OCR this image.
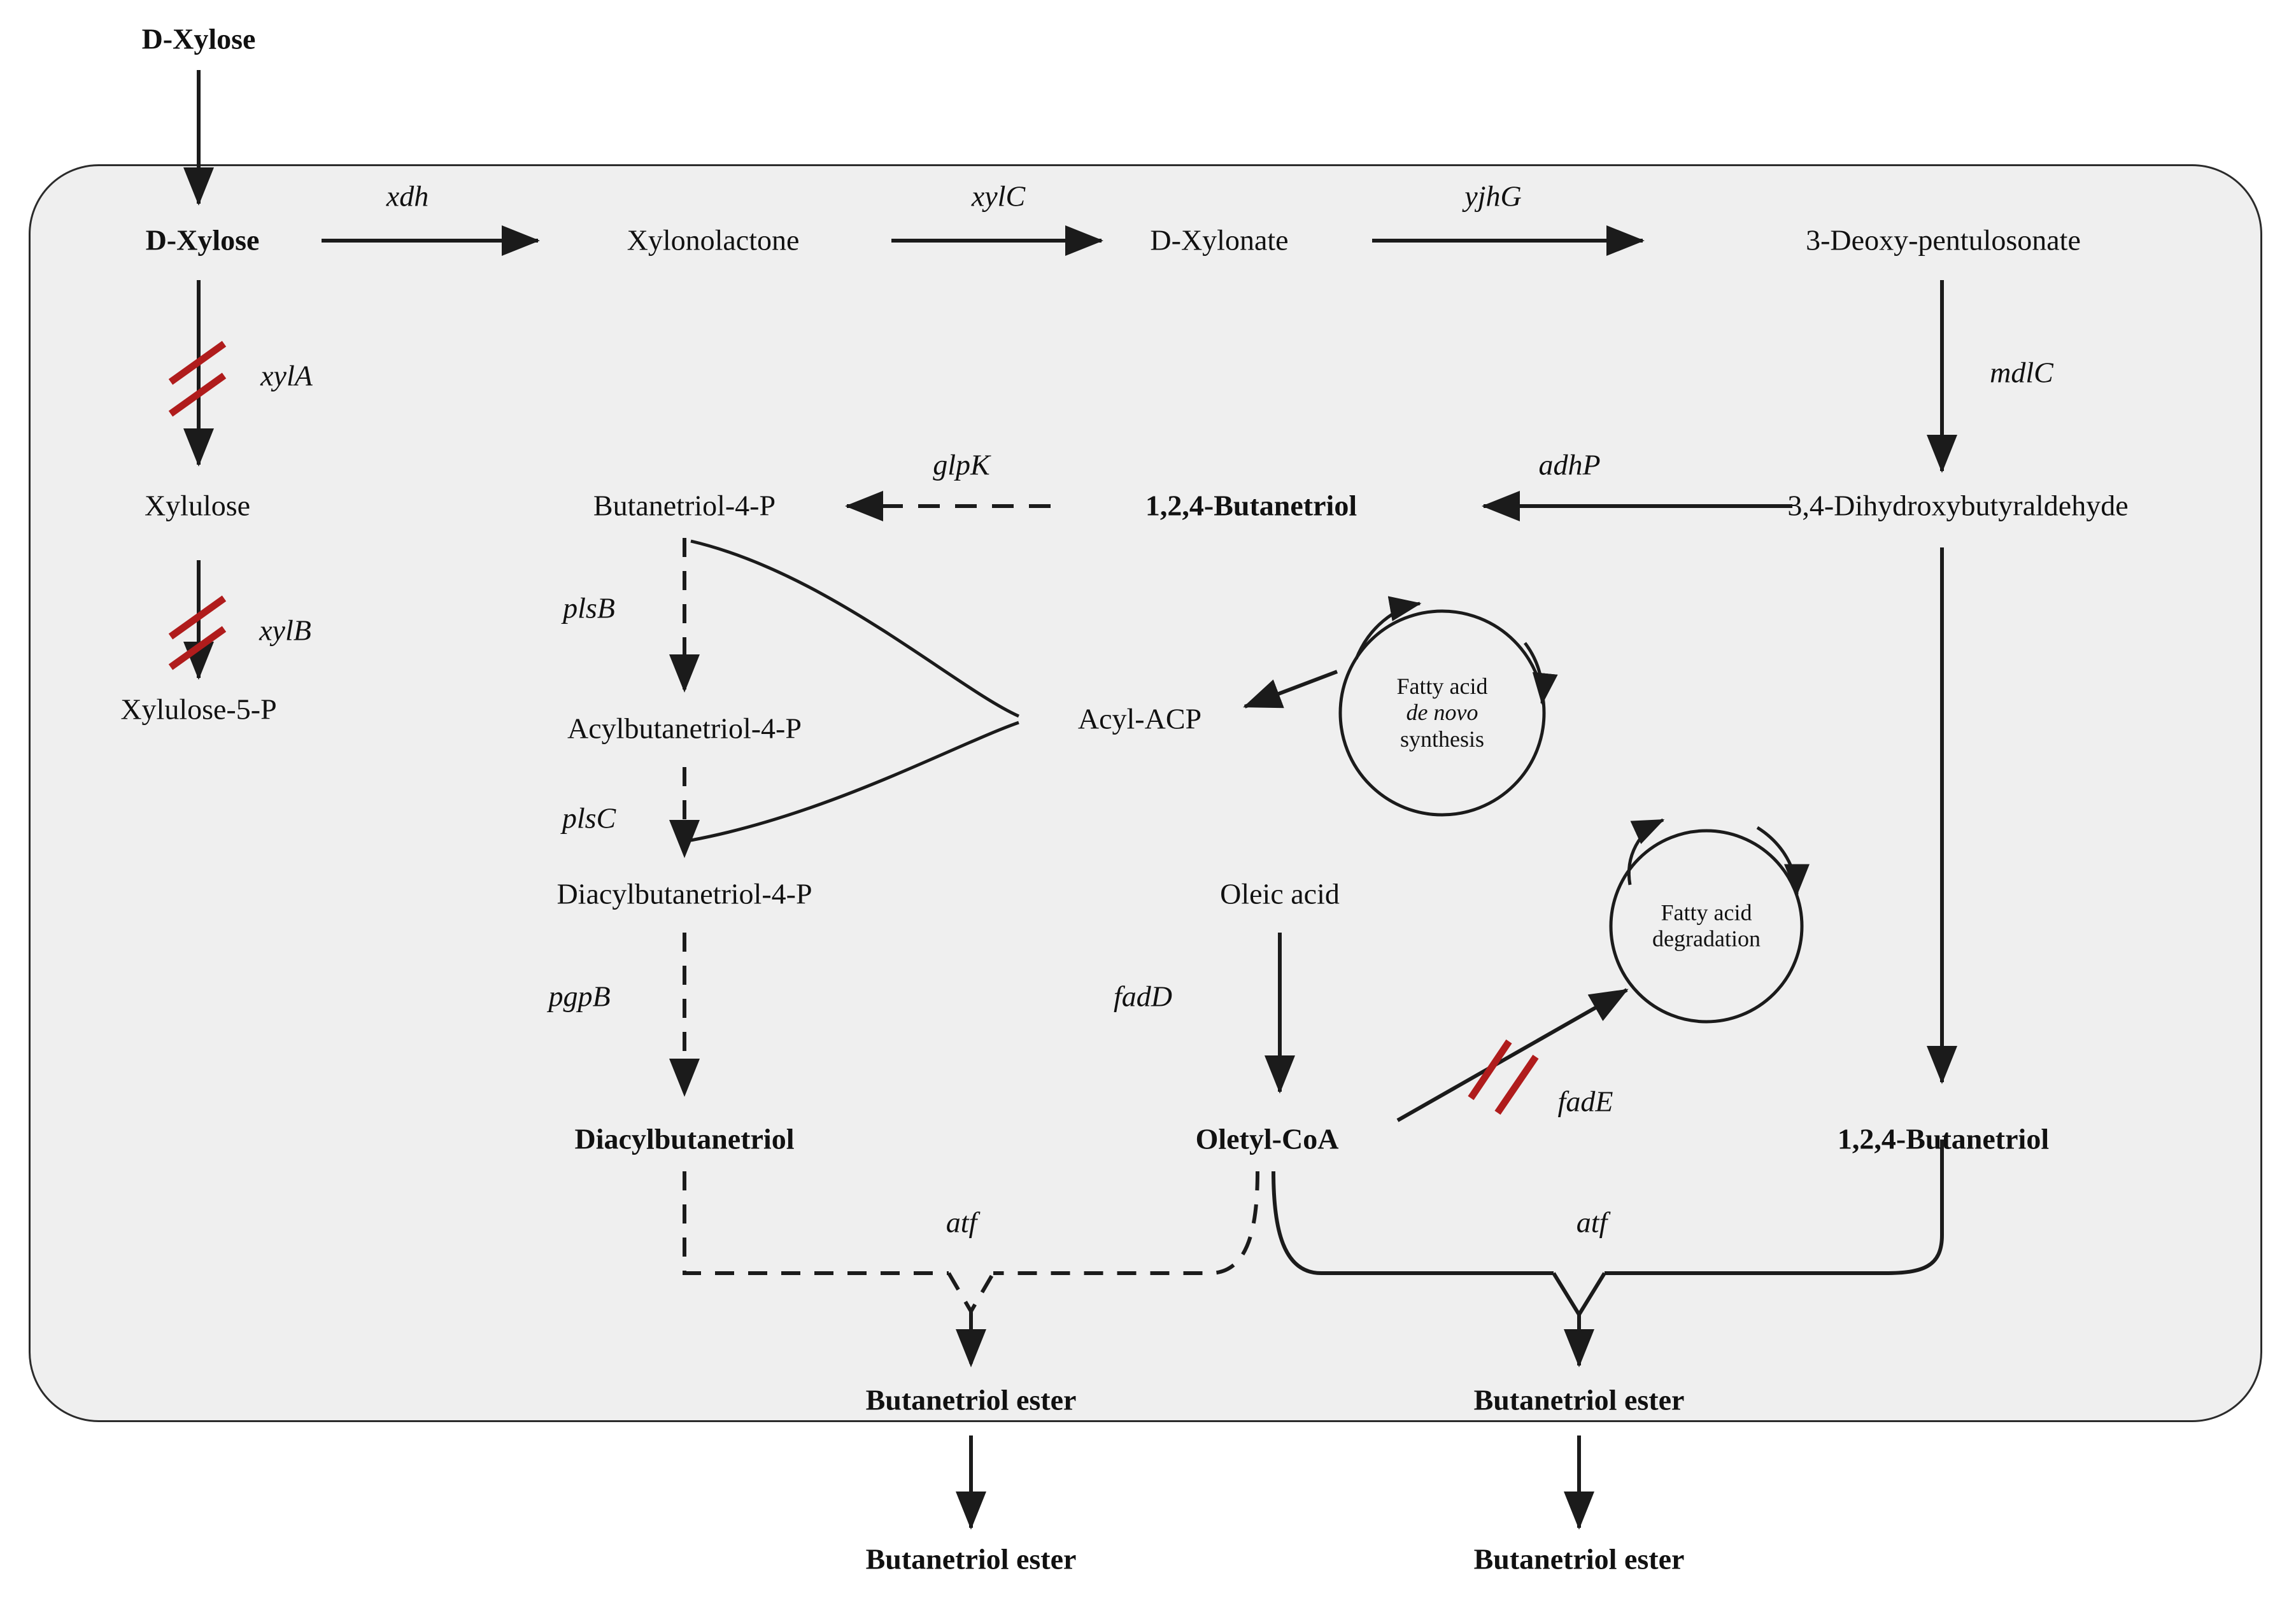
D-Xylose
D-Xylose	Xylonolactone	D-Xylonate	3-Deoxy-pentulosonate
Xylulose
Xylulose-5-P
Butanetriol-4-P	1,2,4-Butanetriol	3,4-Dihydroxybutyraldehyde
Acylbutanetriol-4-P	Acyl-ACP
Diacylbutanetriol-4-P	Oleic acid
Diacylbutanetriol	Oletyl-CoA	1,2,4-Butanetriol
Butanetriol ester	Butanetriol ester
Butanetriol ester	Butanetriol ester
xdh	xylC	yjhG
mdlC
xylA
xylB
glpK	adhP
plsB
plsC
pgpB	fadD
fadE
atf	atf
Fatty acid
de novo
synthesis
Fatty acid
degradation
